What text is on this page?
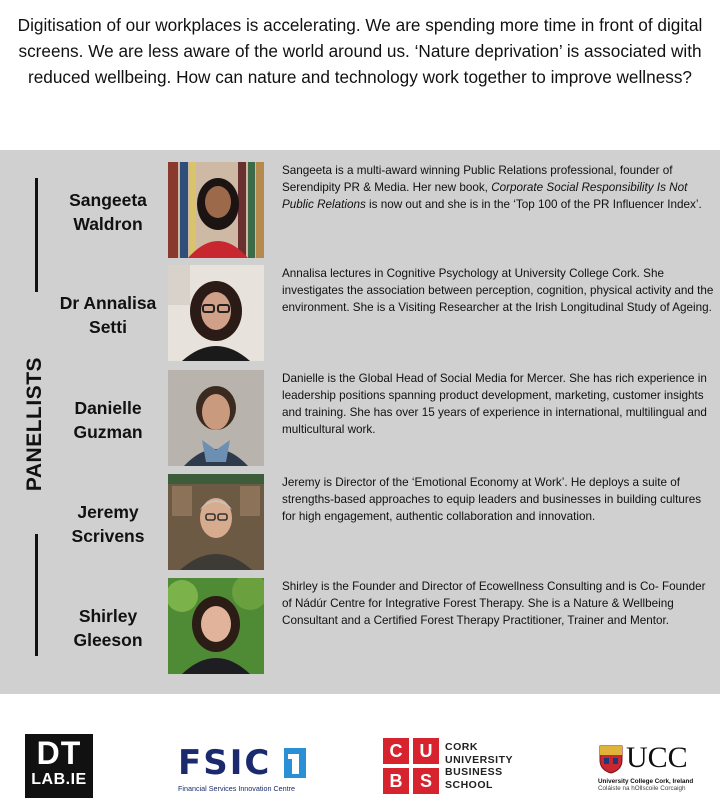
Digitisation of our workplaces is accelerating. We are spending more time in front of digital screens. We are less aware of the world around us. ‘Nature deprivation’ is associated with reduced wellbeing. How can nature and technology work together to improve wellness?
PANELLISTS
Sangeeta
Waldron
Sangeeta is a multi-award winning Public Relations professional, founder of Serendipity PR & Media. Her new book, Corporate Social Responsibility Is Not Public Relations is now out and she is in the ‘Top 100 of the PR Influencer Index’.
Dr Annalisa
Setti
Annalisa lectures in Cognitive Psychology at University College Cork. She investigates the association between perception, cognition, physical activity and the environment. She is a Visiting Researcher at the Irish Longitudinal Study of Ageing.
Danielle
Guzman
Danielle is the Global Head of Social Media for Mercer. She has rich experience in leadership positions spanning product development, marketing, customer insights and training. She has over 15 years of experience in international, multilingual and multicultural work.
Jeremy
Scrivens
Jeremy is Director of the ‘Emotional Economy at Work’. He deploys a suite of strengths-based approaches to equip leaders and businesses in building cultures for high engagement, authentic collaboration and innovation.
Shirley
Gleeson
Shirley is the Founder and Director of Ecowellness Consulting and is Co- Founder of Nádúr Centre for Integrative Forest Therapy. She is a Nature & Wellbeing Consultant and a Certified Forest Therapy Practitioner, Trainer and Mentor.
DT
LAB.IE	FSIC
Financial Services Innovation Centre
C U
B S
CORK
UNIVERSITY
BUSINESS
SCHOOL
UCC
University College Cork, Ireland
Coláiste na hOllscoile Corcaigh
